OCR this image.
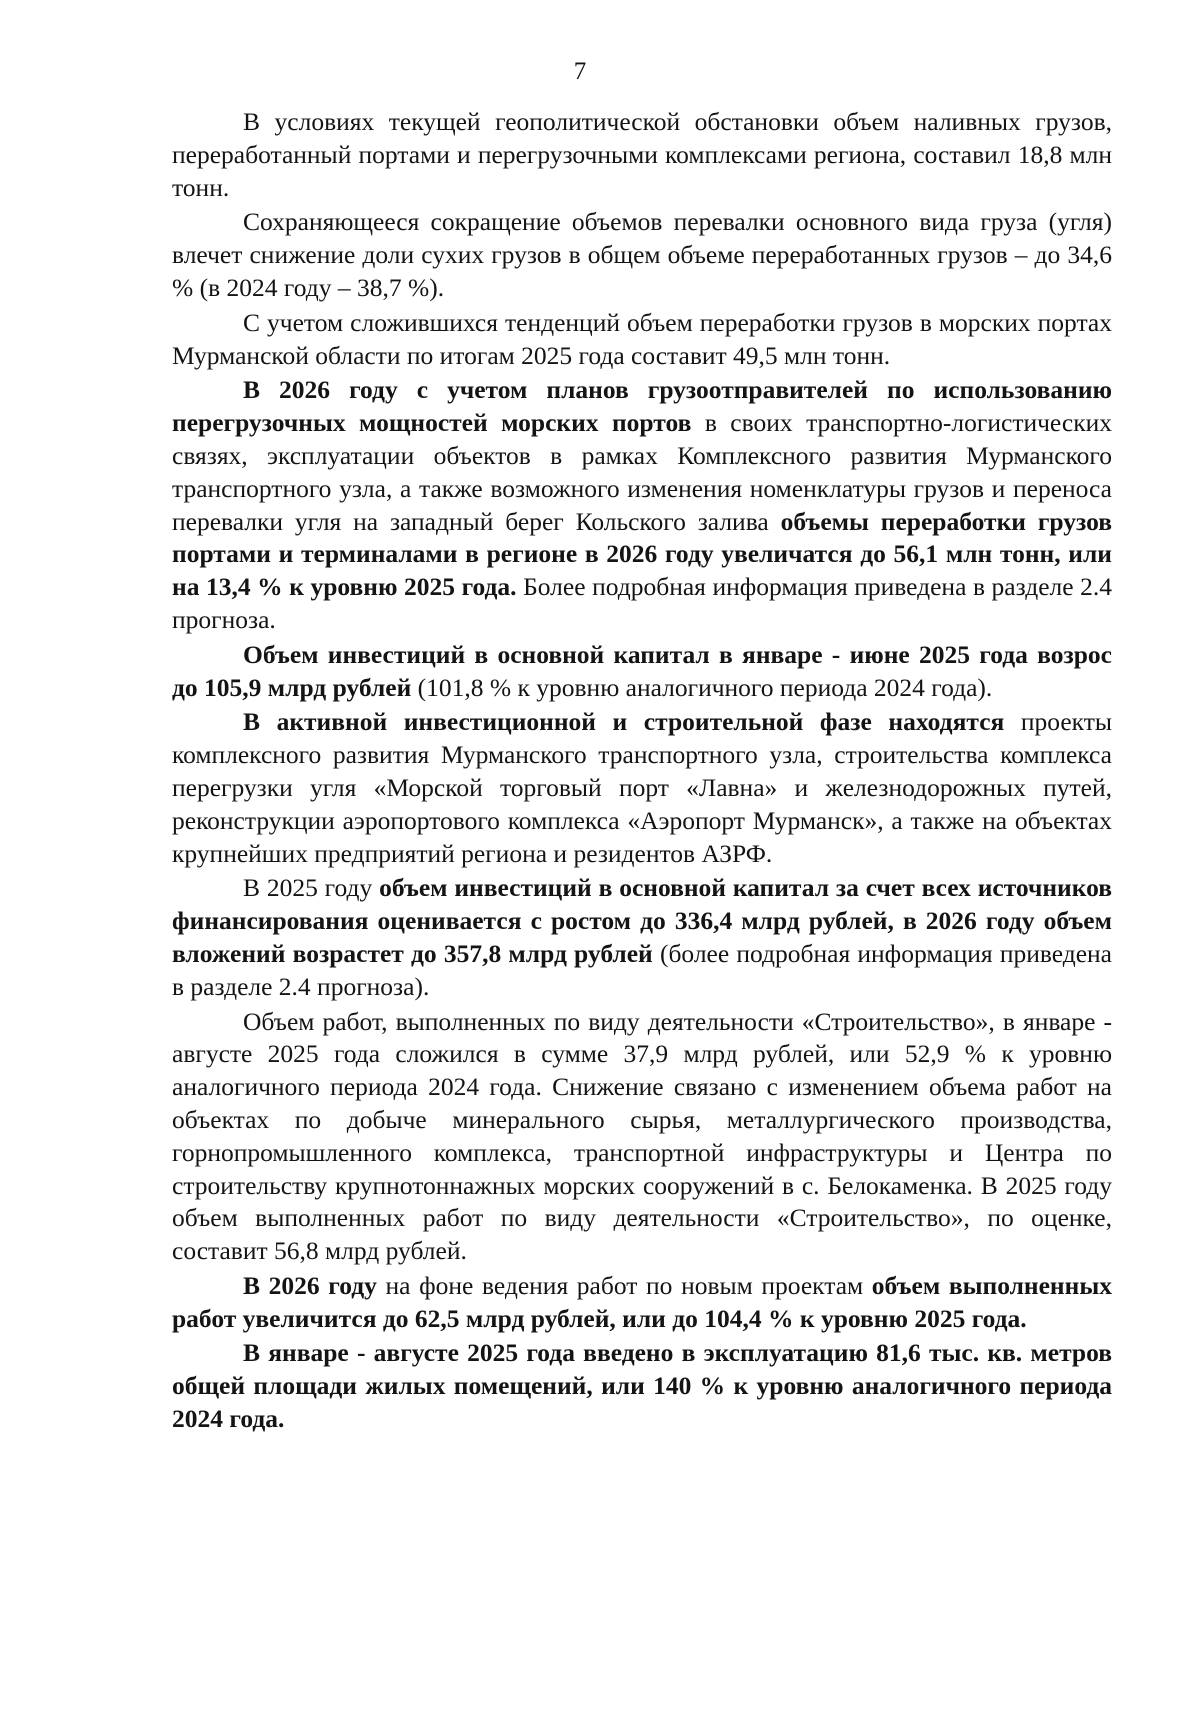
7

В условиях текущей геополитической обстановки объем наливных грузов, переработанный портами и перегрузочными комплексами региона, составил 18,8 млн тонн.

Сохраняющееся сокращение объемов перевалки основного вида груза (угля) влечет снижение доли сухих грузов в общем объеме переработанных грузов – до 34,6 % (в 2024 году – 38,7 %).

С учетом сложившихся тенденций объем переработки грузов в морских портах Мурманской области по итогам 2025 года составит 49,5 млн тонн.

В 2026 году с учетом планов грузоотправителей по использованию перегрузочных мощностей морских портов в своих транспортно-логистических связях, эксплуатации объектов в рамках Комплексного развития Мурманского транспортного узла, а также возможного изменения номенклатуры грузов и переноса перевалки угля на западный берег Кольского залива объемы переработки грузов портами и терминалами в регионе в 2026 году увеличатся до 56,1 млн тонн, или на 13,4 % к уровню 2025 года. Более подробная информация приведена в разделе 2.4 прогноза.

Объем инвестиций в основной капитал в январе - июне 2025 года возрос до 105,9 млрд рублей (101,8 % к уровню аналогичного периода 2024 года).

В активной инвестиционной и строительной фазе находятся проекты комплексного развития Мурманского транспортного узла, строительства комплекса перегрузки угля «Морской торговый порт «Лавна» и железнодорожных путей, реконструкции аэропортового комплекса «Аэропорт Мурманск», а также на объектах крупнейших предприятий региона и резидентов АЗРФ.

В 2025 году объем инвестиций в основной капитал за счет всех источников финансирования оценивается с ростом до 336,4 млрд рублей, в 2026 году объем вложений возрастет до 357,8 млрд рублей (более подробная информация приведена в разделе 2.4 прогноза).

Объем работ, выполненных по виду деятельности «Строительство», в январе - августе 2025 года сложился в сумме 37,9 млрд рублей, или 52,9 % к уровню аналогичного периода 2024 года. Снижение связано с изменением объема работ на объектах по добыче минерального сырья, металлургического производства, горнопромышленного комплекса, транспортной инфраструктуры и Центра по строительству крупнотоннажных морских сооружений в с. Белокаменка. В 2025 году объем выполненных работ по виду деятельности «Строительство», по оценке, составит 56,8 млрд рублей.

В 2026 году на фоне ведения работ по новым проектам объем выполненных работ увеличится до 62,5 млрд рублей, или до 104,4 % к уровню 2025 года.

В январе - августе 2025 года введено в эксплуатацию 81,6 тыс. кв. метров общей площади жилых помещений, или 140 % к уровню аналогичного периода 2024 года.
